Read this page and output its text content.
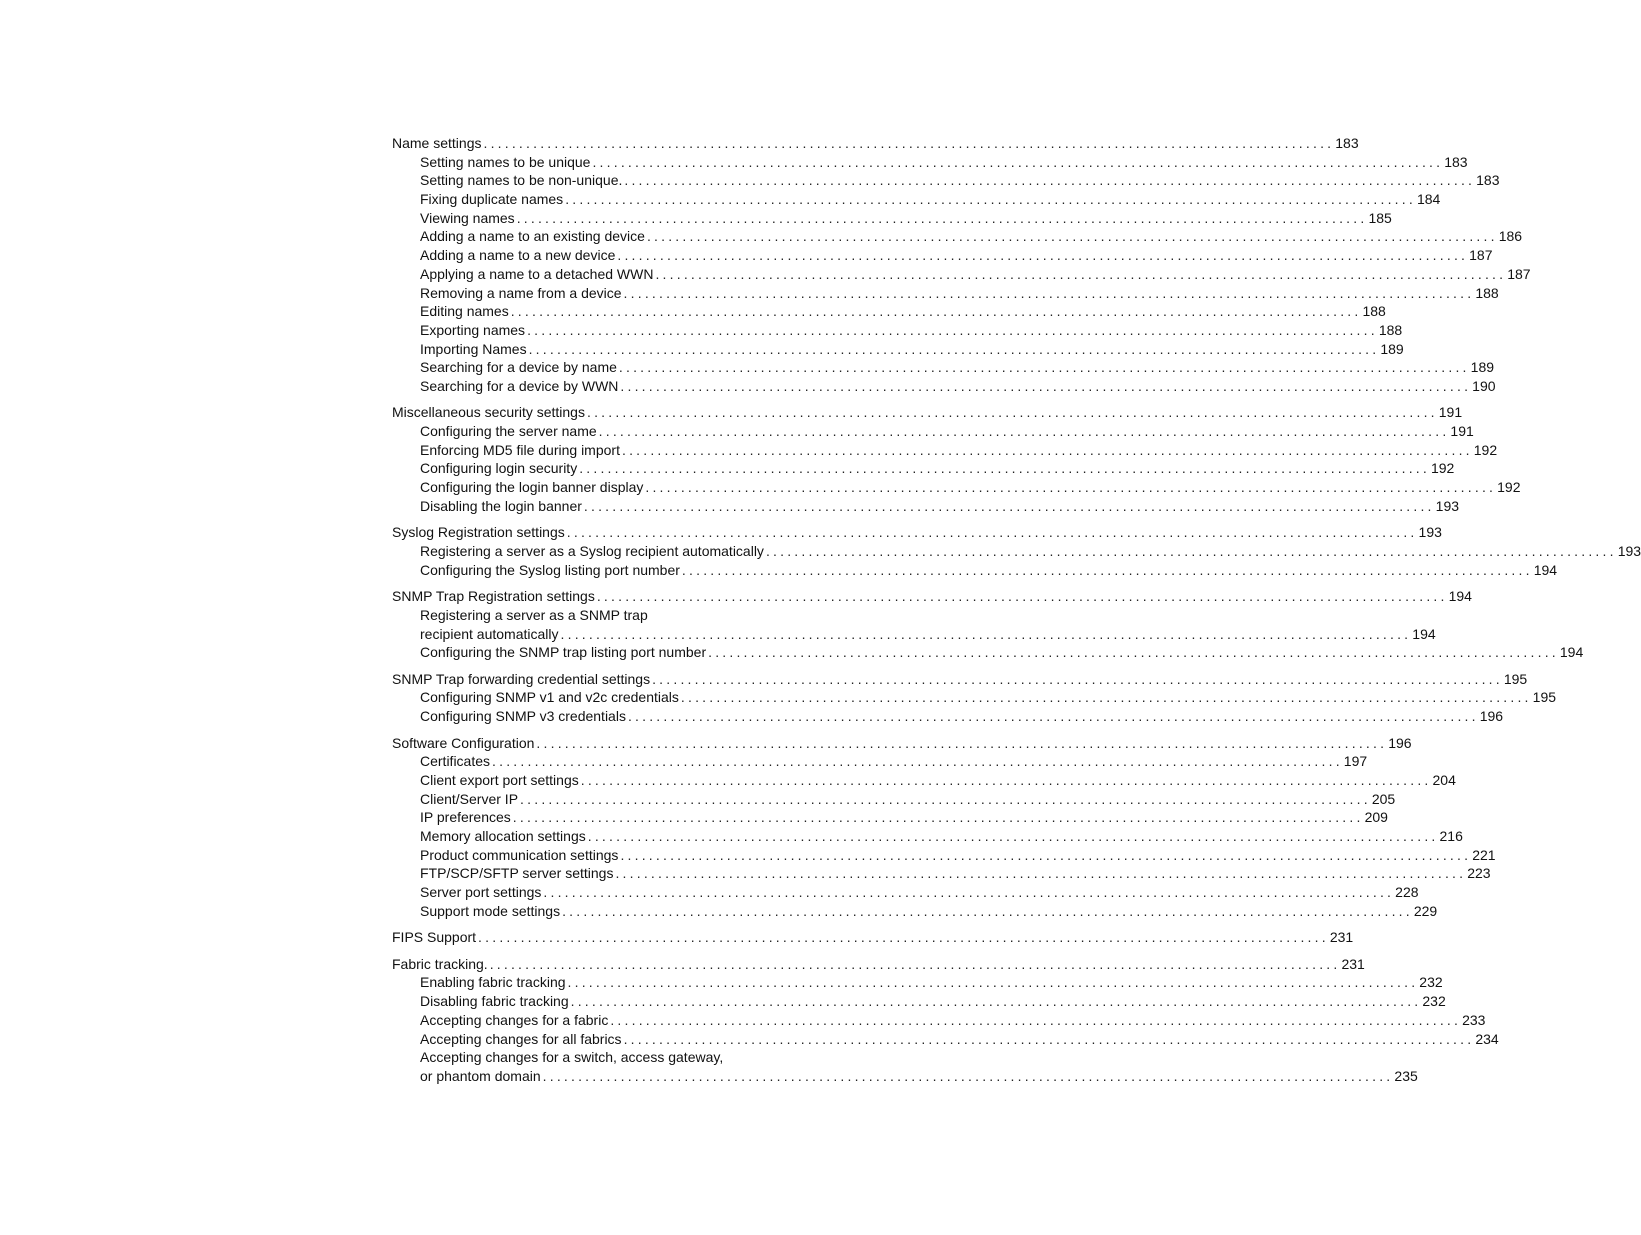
Name settings ........................................................................................................................ 183
Setting names to be unique ........................................................................................................................ 183
Setting names to be non-unique. ........................................................................................................................ 183
Fixing duplicate names ........................................................................................................................ 184
Viewing names ........................................................................................................................ 185
Adding a name to an existing device ........................................................................................................................ 186
Adding a name to a new device ........................................................................................................................ 187
Applying a name to a detached WWN ........................................................................................................................ 187
Removing a name from a device ........................................................................................................................ 188
Editing names ........................................................................................................................ 188
Exporting names ........................................................................................................................ 188
Importing Names ........................................................................................................................ 189
Searching for a device by name ........................................................................................................................ 189
Searching for a device by WWN ........................................................................................................................ 190
Miscellaneous security settings ........................................................................................................................ 191
Configuring the server name ........................................................................................................................ 191
Enforcing MD5 file during import ........................................................................................................................ 192
Configuring login security ........................................................................................................................ 192
Configuring the login banner display ........................................................................................................................ 192
Disabling the login banner ........................................................................................................................ 193
Syslog Registration settings ........................................................................................................................ 193
Registering a server as a Syslog recipient automatically ........................................................................................................................ 193
Configuring the Syslog listing port number ........................................................................................................................ 194
SNMP Trap Registration settings ........................................................................................................................ 194
Registering a server as a SNMP trap
recipient automatically ........................................................................................................................ 194
Configuring the SNMP trap listing port number ........................................................................................................................ 194
SNMP Trap forwarding credential settings ........................................................................................................................ 195
Configuring SNMP v1 and v2c credentials ........................................................................................................................ 195
Configuring SNMP v3 credentials ........................................................................................................................ 196
Software Configuration ........................................................................................................................ 196
Certificates ........................................................................................................................ 197
Client export port settings ........................................................................................................................ 204
Client/Server IP ........................................................................................................................ 205
IP preferences ........................................................................................................................ 209
Memory allocation settings ........................................................................................................................ 216
Product communication settings ........................................................................................................................ 221
FTP/SCP/SFTP server settings ........................................................................................................................ 223
Server port settings ........................................................................................................................ 228
Support mode settings ........................................................................................................................ 229
FIPS Support ........................................................................................................................ 231
Fabric tracking. ........................................................................................................................ 231
Enabling fabric tracking ........................................................................................................................ 232
Disabling fabric tracking ........................................................................................................................ 232
Accepting changes for a fabric ........................................................................................................................ 233
Accepting changes for all fabrics ........................................................................................................................ 234
Accepting changes for a switch, access gateway,
or phantom domain ........................................................................................................................ 235
